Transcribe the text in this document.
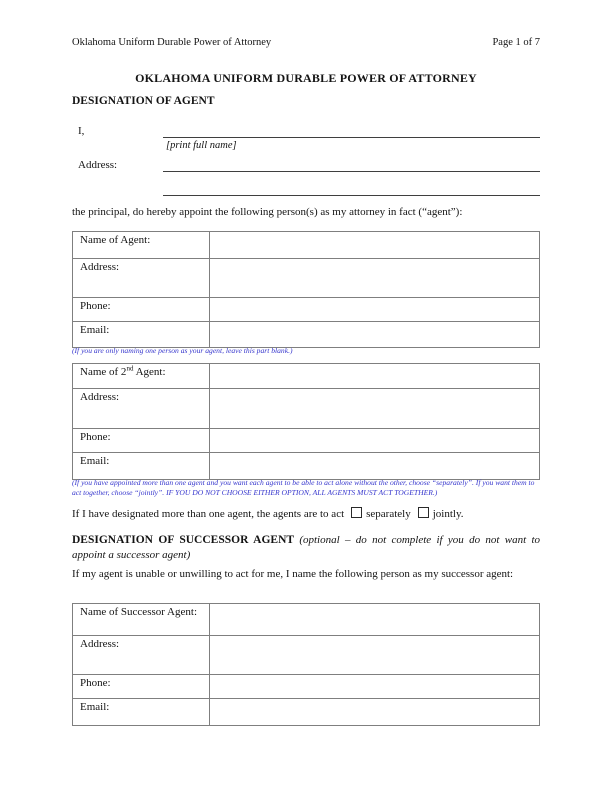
Oklahoma Uniform Durable Power of Attorney	Page 1 of 7
OKLAHOMA UNIFORM DURABLE POWER OF ATTORNEY
DESIGNATION OF AGENT
I,
[print full name]
Address:
the principal, do hereby appoint the following person(s) as my attorney in fact (“agent”):
Name of Agent:	
Address:	
Phone:	
Email:	
(If you are only naming one person as your agent, leave this part blank.)
Name of 2nd Agent:	
Address:	
Phone:	
Email:	
(If you have appointed more than one agent and you want each agent to be able to act alone without the other, choose “separately”. If you want them to act together, choose “jointly”. IF YOU DO NOT CHOOSE EITHER OPTION, ALL AGENTS MUST ACT TOGETHER.)
If I have designated more than one agent, the agents are to act separately jointly.
DESIGNATION OF SUCCESSOR AGENT (optional – do not complete if you do not want to appoint a successor agent)
If my agent is unable or unwilling to act for me, I name the following person as my successor agent:
Name of Successor Agent:	
Address:	
Phone:	
Email:	
